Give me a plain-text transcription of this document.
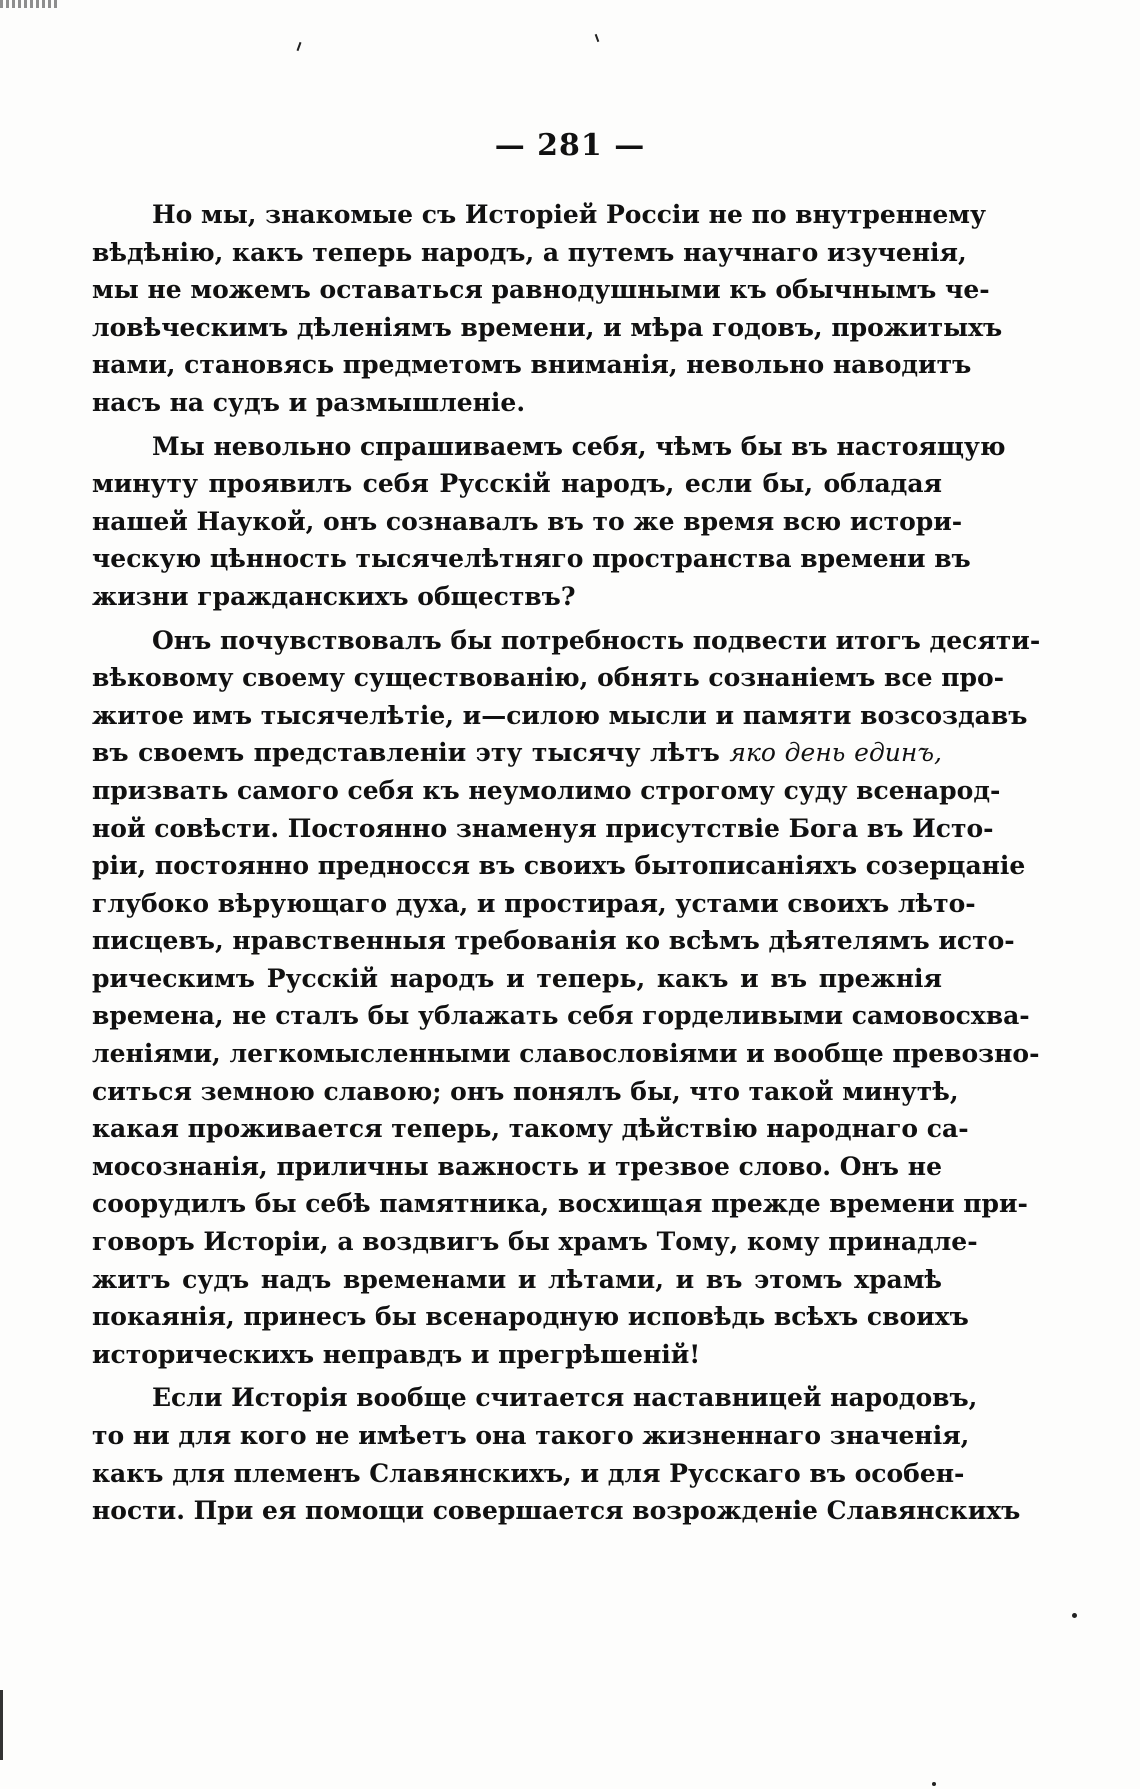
— 281 —
Но мы, знакомые съ Исторіей Россіи не по внутреннему
вѣдѣнію, какъ теперь народъ, а путемъ научнаго изученія,
мы не можемъ оставаться равнодушными къ обычнымъ че-
ловѣческимъ дѣленіямъ времени, и мѣра годовъ, прожитыхъ
нами, становясь предметомъ вниманія, невольно наводитъ
насъ на судъ и размышленіе.
Мы невольно спрашиваемъ себя, чѣмъ бы въ настоящую
минуту проявилъ себя Русскій народъ, если бы, обладая
нашей Наукой, онъ сознавалъ въ то же время всю истори-
ческую цѣнность тысячелѣтняго пространства времени въ
жизни гражданскихъ обществъ?
Онъ почувствовалъ бы потребность подвести итогъ десяти-
вѣковому своему существованію, обнять сознаніемъ все про-
житое имъ тысячелѣтіе, и—силою мысли и памяти возсоздавъ
въ своемъ представленіи эту тысячу лѣтъ яко день единъ,
призвать самого себя къ неумолимо строгому суду всенарод-
ной совѣсти. Постоянно знаменуя присутствіе Бога въ Исто-
ріи, постоянно предносся въ своихъ бытописаніяхъ созерцаніе
глубоко вѣрующаго духа, и простирая, устами своихъ лѣто-
писцевъ, нравственныя требованія ко всѣмъ дѣятелямъ исто-
рическимъ Русскій народъ и теперь, какъ и въ прежнія
времена, не сталъ бы ублажать себя горделивыми самовосхва-
леніями, легкомысленными славословіями и вообще превозно-
ситься земною славою; онъ понялъ бы, что такой минутѣ,
какая проживается теперь, такому дѣйствію народнаго са-
мосознанія, приличны важность и трезвое слово. Онъ не
соорудилъ бы себѣ памятника, восхищая прежде времени при-
говоръ Исторіи, а воздвигъ бы храмъ Тому, кому принадле-
житъ судъ надъ временами и лѣтами, и въ этомъ храмѣ
покаянія, принесъ бы всенародную исповѣдь всѣхъ своихъ
историческихъ неправдъ и прегрѣшеній!
Если Исторія вообще считается наставницей народовъ,
то ни для кого не имѣетъ она такого жизненнаго значенія,
какъ для племенъ Славянскихъ, и для Русскаго въ особен-
ности. При ея помощи совершается возрожденіе Славянскихъ
